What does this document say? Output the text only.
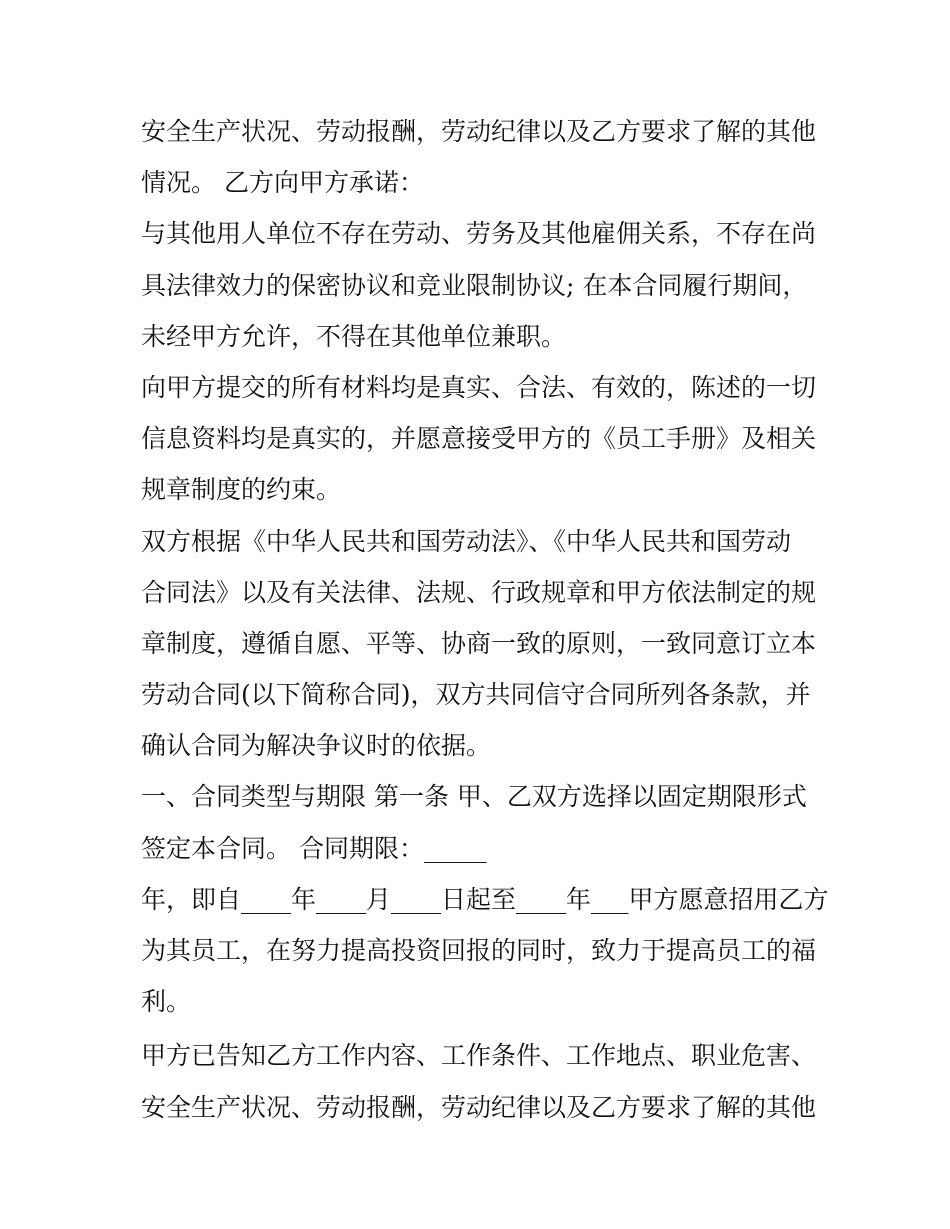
安全生产状况、劳动报酬，劳动纪律以及乙方要求了解的其他
情况。 乙方向甲方承诺：
与其他用人单位不存在劳动、劳务及其他雇佣关系，不存在尚
具法律效力的保密协议和竞业限制协议; 在本合同履行期间，
未经甲方允许，不得在其他单位兼职。
向甲方提交的所有材料均是真实、合法、有效的，陈述的一切
信息资料均是真实的，并愿意接受甲方的《员工手册》及相关
规章制度的约束。
双方根据《中华人民共和国劳动法》、《中华人民共和国劳动
合同法》以及有关法律、法规、行政规章和甲方依法制定的规
章制度，遵循自愿、平等、协商一致的原则，一致同意订立本
劳动合同(以下简称合同)，双方共同信守合同所列各条款，并
确认合同为解决争议时的依据。
一、合同类型与期限 第一条 甲、乙双方选择以固定期限形式
签定本合同。 合同期限：_____
年，即自____年____月____日起至____年___甲方愿意招用乙方
为其员工，在努力提高投资回报的同时，致力于提高员工的福
利。
甲方已告知乙方工作内容、工作条件、工作地点、职业危害、
安全生产状况、劳动报酬，劳动纪律以及乙方要求了解的其他
